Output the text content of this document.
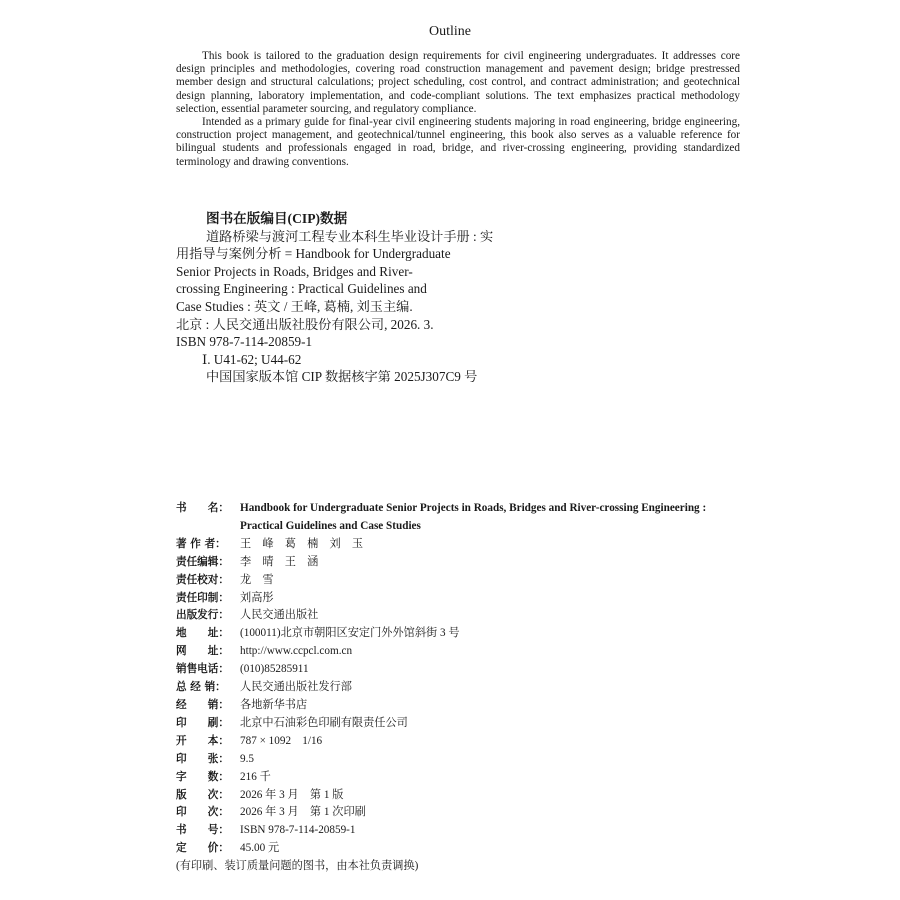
Outline

This book is tailored to the graduation design requirements for civil engineering undergraduates. It addresses core design principles and methodologies, covering road construction management and pavement design; bridge prestressed member design and structural calculations; project scheduling, cost control, and contract administration; and geotechnical design planning, laboratory implementation, and code-compliant solutions. The text emphasizes practical methodology selection, essential parameter sourcing, and regulatory compliance.

Intended as a primary guide for final-year civil engineering students majoring in road engineering, bridge engineering, construction project management, and geotechnical/tunnel engineering, this book also serves as a valuable reference for bilingual students and professionals engaged in road, bridge, and river-crossing engineering, providing standardized terminology and drawing conventions.

图书在版编目(CIP)数据

道路桥梁与渡河工程专业本科生毕业设计手册 : 实

用指导与案例分析 = Handbook for Undergraduate

Senior Projects in Roads, Bridges and River-

crossing Engineering : Practical Guidelines and

Case Studies : 英文 / 王峰, 葛楠, 刘玉主编.

北京 : 人民交通出版社股份有限公司, 2026. 3.

ISBN 978-7-114-20859-1

Ⅰ. U41-62; U44-62

中国国家版本馆 CIP 数据核字第 2025J307C9 号

书　　名： Handbook for Undergraduate Senior Projects in Roads, Bridges and River-crossing Engineering :
Practical Guidelines and Case Studies
著 作 者：	王　峰　葛　楠　刘　玉
责任编辑： 李　晴　王　涵
责任校对： 龙　雪
责任印制： 刘高彤
出版发行： 人民交通出版社
地　　址： (100011)北京市朝阳区安定门外外馆斜街 3 号
网　　址： http://www.ccpcl.com.cn
销售电话： (010)85285911
总 经 销：	人民交通出版社发行部
经　　销： 各地新华书店
印　　刷： 北京中石油彩色印刷有限责任公司
开　　本： 787 × 1092　1/16
印　　张： 9.5
字　　数： 216 千
版　　次： 2026 年 3 月　第 1 版
印　　次： 2026 年 3 月　第 1 次印刷
书　　号： ISBN 978-7-114-20859-1
定　　价： 45.00 元
(有印刷、装订质量问题的图书，由本社负责调换)
